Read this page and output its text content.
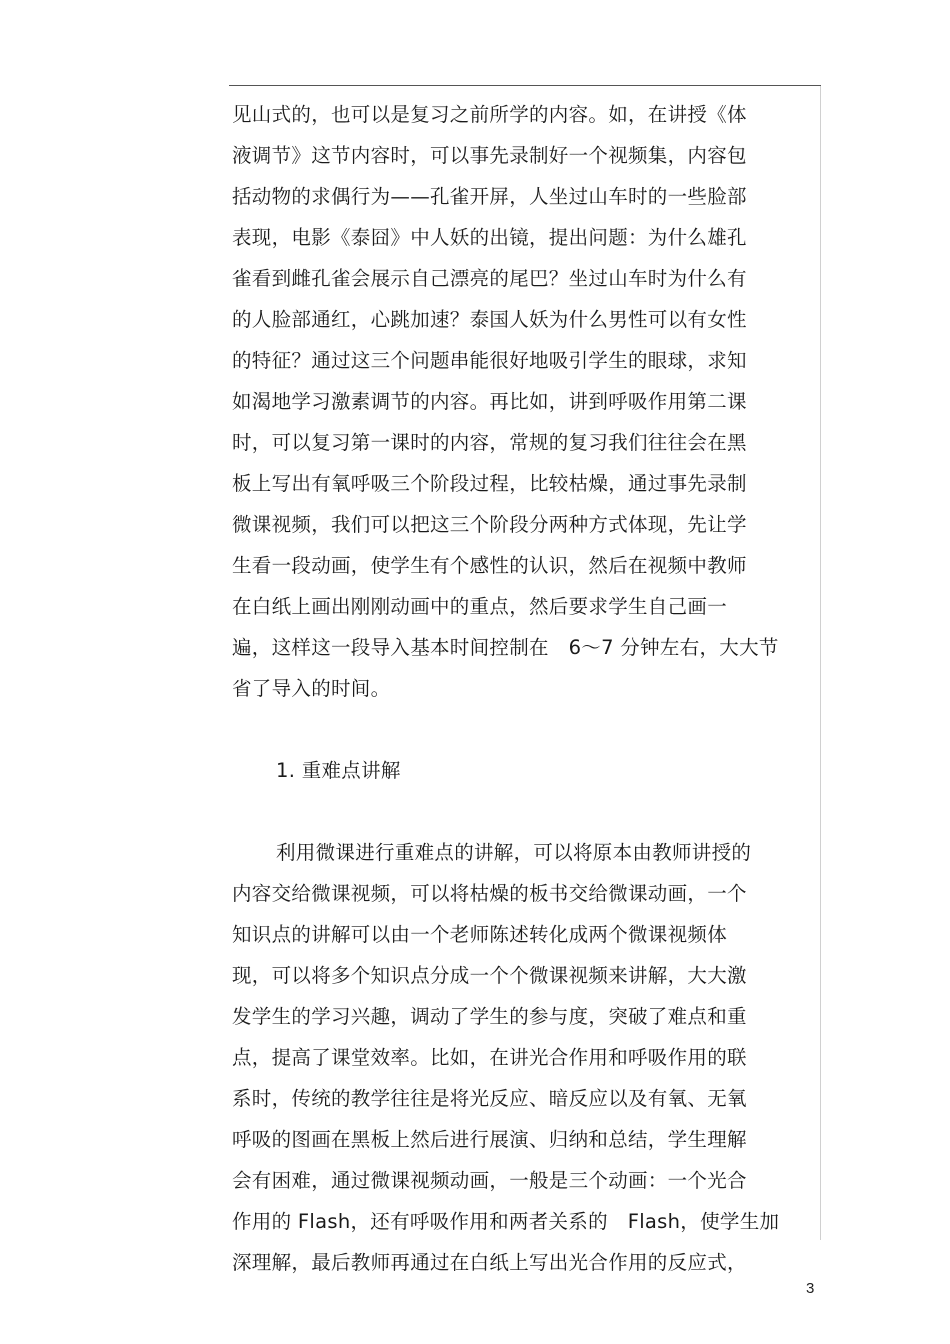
见山式的，也可以是复习之前所学的内容。如，在讲授《体
液调节》这节内容时，可以事先录制好一个视频集，内容包
括动物的求偶行为——孔雀开屏，人坐过山车时的一些脸部
表现，电影《泰囧》中人妖的出镜，提出问题：为什么雄孔
雀看到雌孔雀会展示自己漂亮的尾巴？坐过山车时为什么有
的人脸部通红，心跳加速？泰国人妖为什么男性可以有女性
的特征？通过这三个问题串能很好地吸引学生的眼球，求知
如渴地学习激素调节的内容。再比如，讲到呼吸作用第二课
时，可以复习第一课时的内容，常规的复习我们往往会在黑
板上写出有氧呼吸三个阶段过程，比较枯燥，通过事先录制
微课视频，我们可以把这三个阶段分两种方式体现，先让学
生看一段动画，使学生有个感性的认识，然后在视频中教师
在白纸上画出刚刚动画中的重点，然后要求学生自己画一
遍，这样这一段导入基本时间控制在　6～7 分钟左右，大大节
省了导入的时间。
1. 重难点讲解
利用微课进行重难点的讲解，可以将原本由教师讲授的
内容交给微课视频，可以将枯燥的板书交给微课动画，一个
知识点的讲解可以由一个老师陈述转化成两个微课视频体
现，可以将多个知识点分成一个个微课视频来讲解，大大激
发学生的学习兴趣，调动了学生的参与度，突破了难点和重
点，提高了课堂效率。比如，在讲光合作用和呼吸作用的联
系时，传统的教学往往是将光反应、暗反应以及有氧、无氧
呼吸的图画在黑板上然后进行展演、归纳和总结，学生理解
会有困难，通过微课视频动画，一般是三个动画：一个光合
作用的 Flash，还有呼吸作用和两者关系的　Flash，使学生加
深理解，最后教师再通过在白纸上写出光合作用的反应式，
3
